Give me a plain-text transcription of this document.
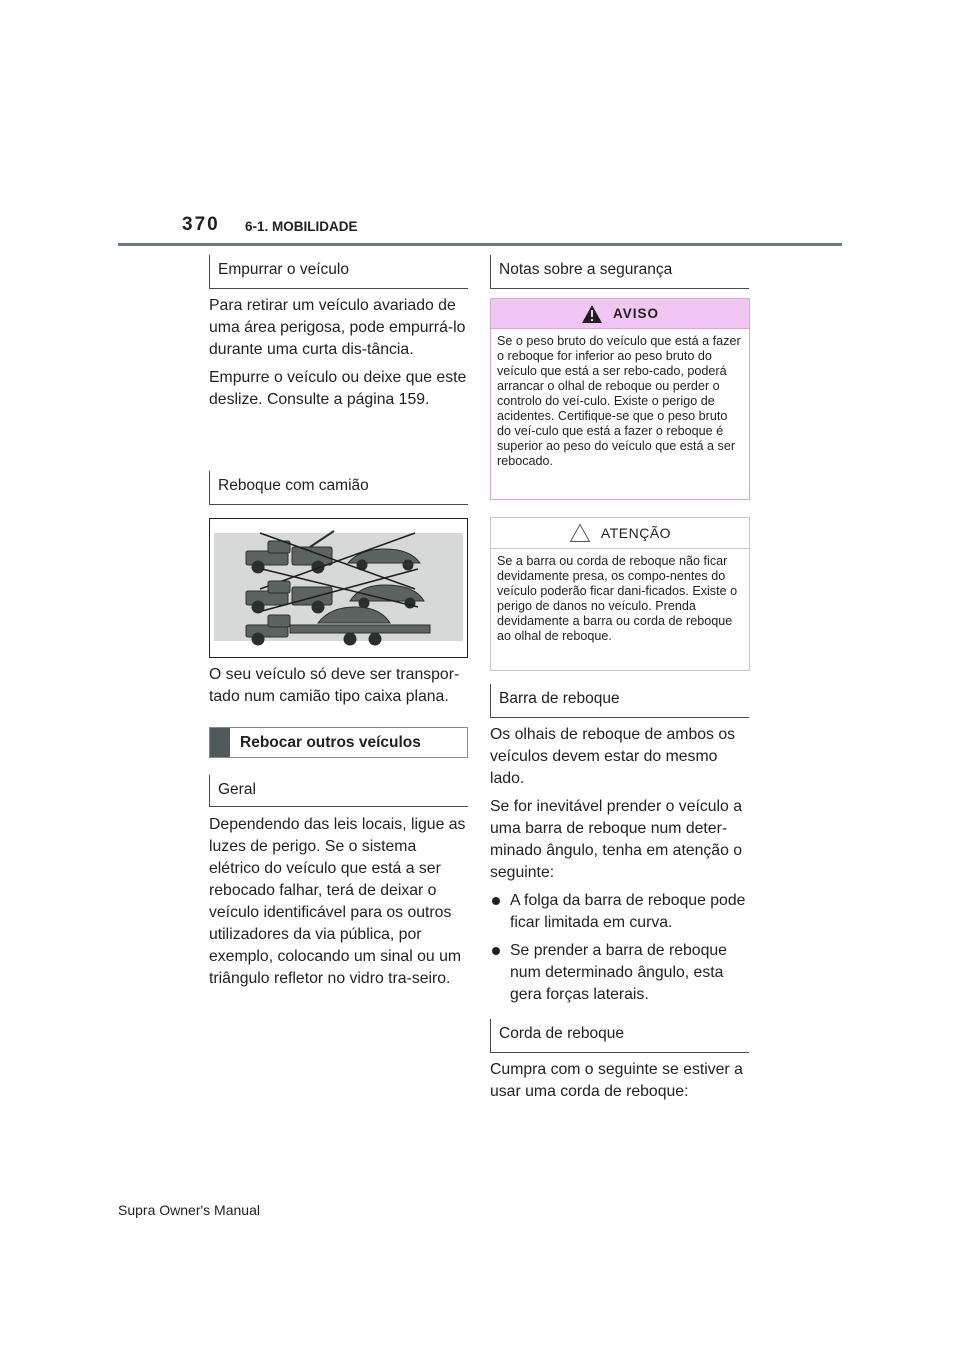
370 6-1. MOBILIDADE
Empurrar o veículo

Para retirar um veículo avariado de uma área perigosa, pode empurrá-lo durante uma curta dis-tância.

Empurre o veículo ou deixe que este deslize. Consulte a página 159.

Reboque com camião
O seu veículo só deve ser transpor-tado num camião tipo caixa plana.
Rebocar outros veículos
Geral
Dependendo das leis locais, ligue as luzes de perigo. Se o sistema elétrico do veículo que está a ser rebocado falhar, terá de deixar o veículo identificável para os outros utilizadores da via pública, por exemplo, colocando um sinal ou um triângulo refletor no vidro tra-seiro.
Notas sobre a segurança
AVISO
Se o peso bruto do veículo que está a fazer o reboque for inferior ao peso bruto do veículo que está a ser rebo-cado, poderá arrancar o olhal de reboque ou perder o controlo do veí-culo. Existe o perigo de acidentes. Certifique-se que o peso bruto do veí-culo que está a fazer o reboque é superior ao peso do veículo que está a ser rebocado.
ATENÇÃO
Se a barra ou corda de reboque não ficar devidamente presa, os compo-nentes do veículo poderão ficar dani-ficados. Existe o perigo de danos no veículo. Prenda devidamente a barra ou corda de reboque ao olhal de reboque.
Barra de reboque

Os olhais de reboque de ambos os veículos devem estar do mesmo lado.

Se for inevitável prender o veículo a uma barra de reboque num deter-minado ângulo, tenha em atenção o seguinte:

A folga da barra de reboque pode ficar limitada em curva.

Se prender a barra de reboque num determinado ângulo, esta gera forças laterais.

Corda de reboque
Cumpra com o seguinte se estiver a usar uma corda de reboque:
Supra Owner's Manual
